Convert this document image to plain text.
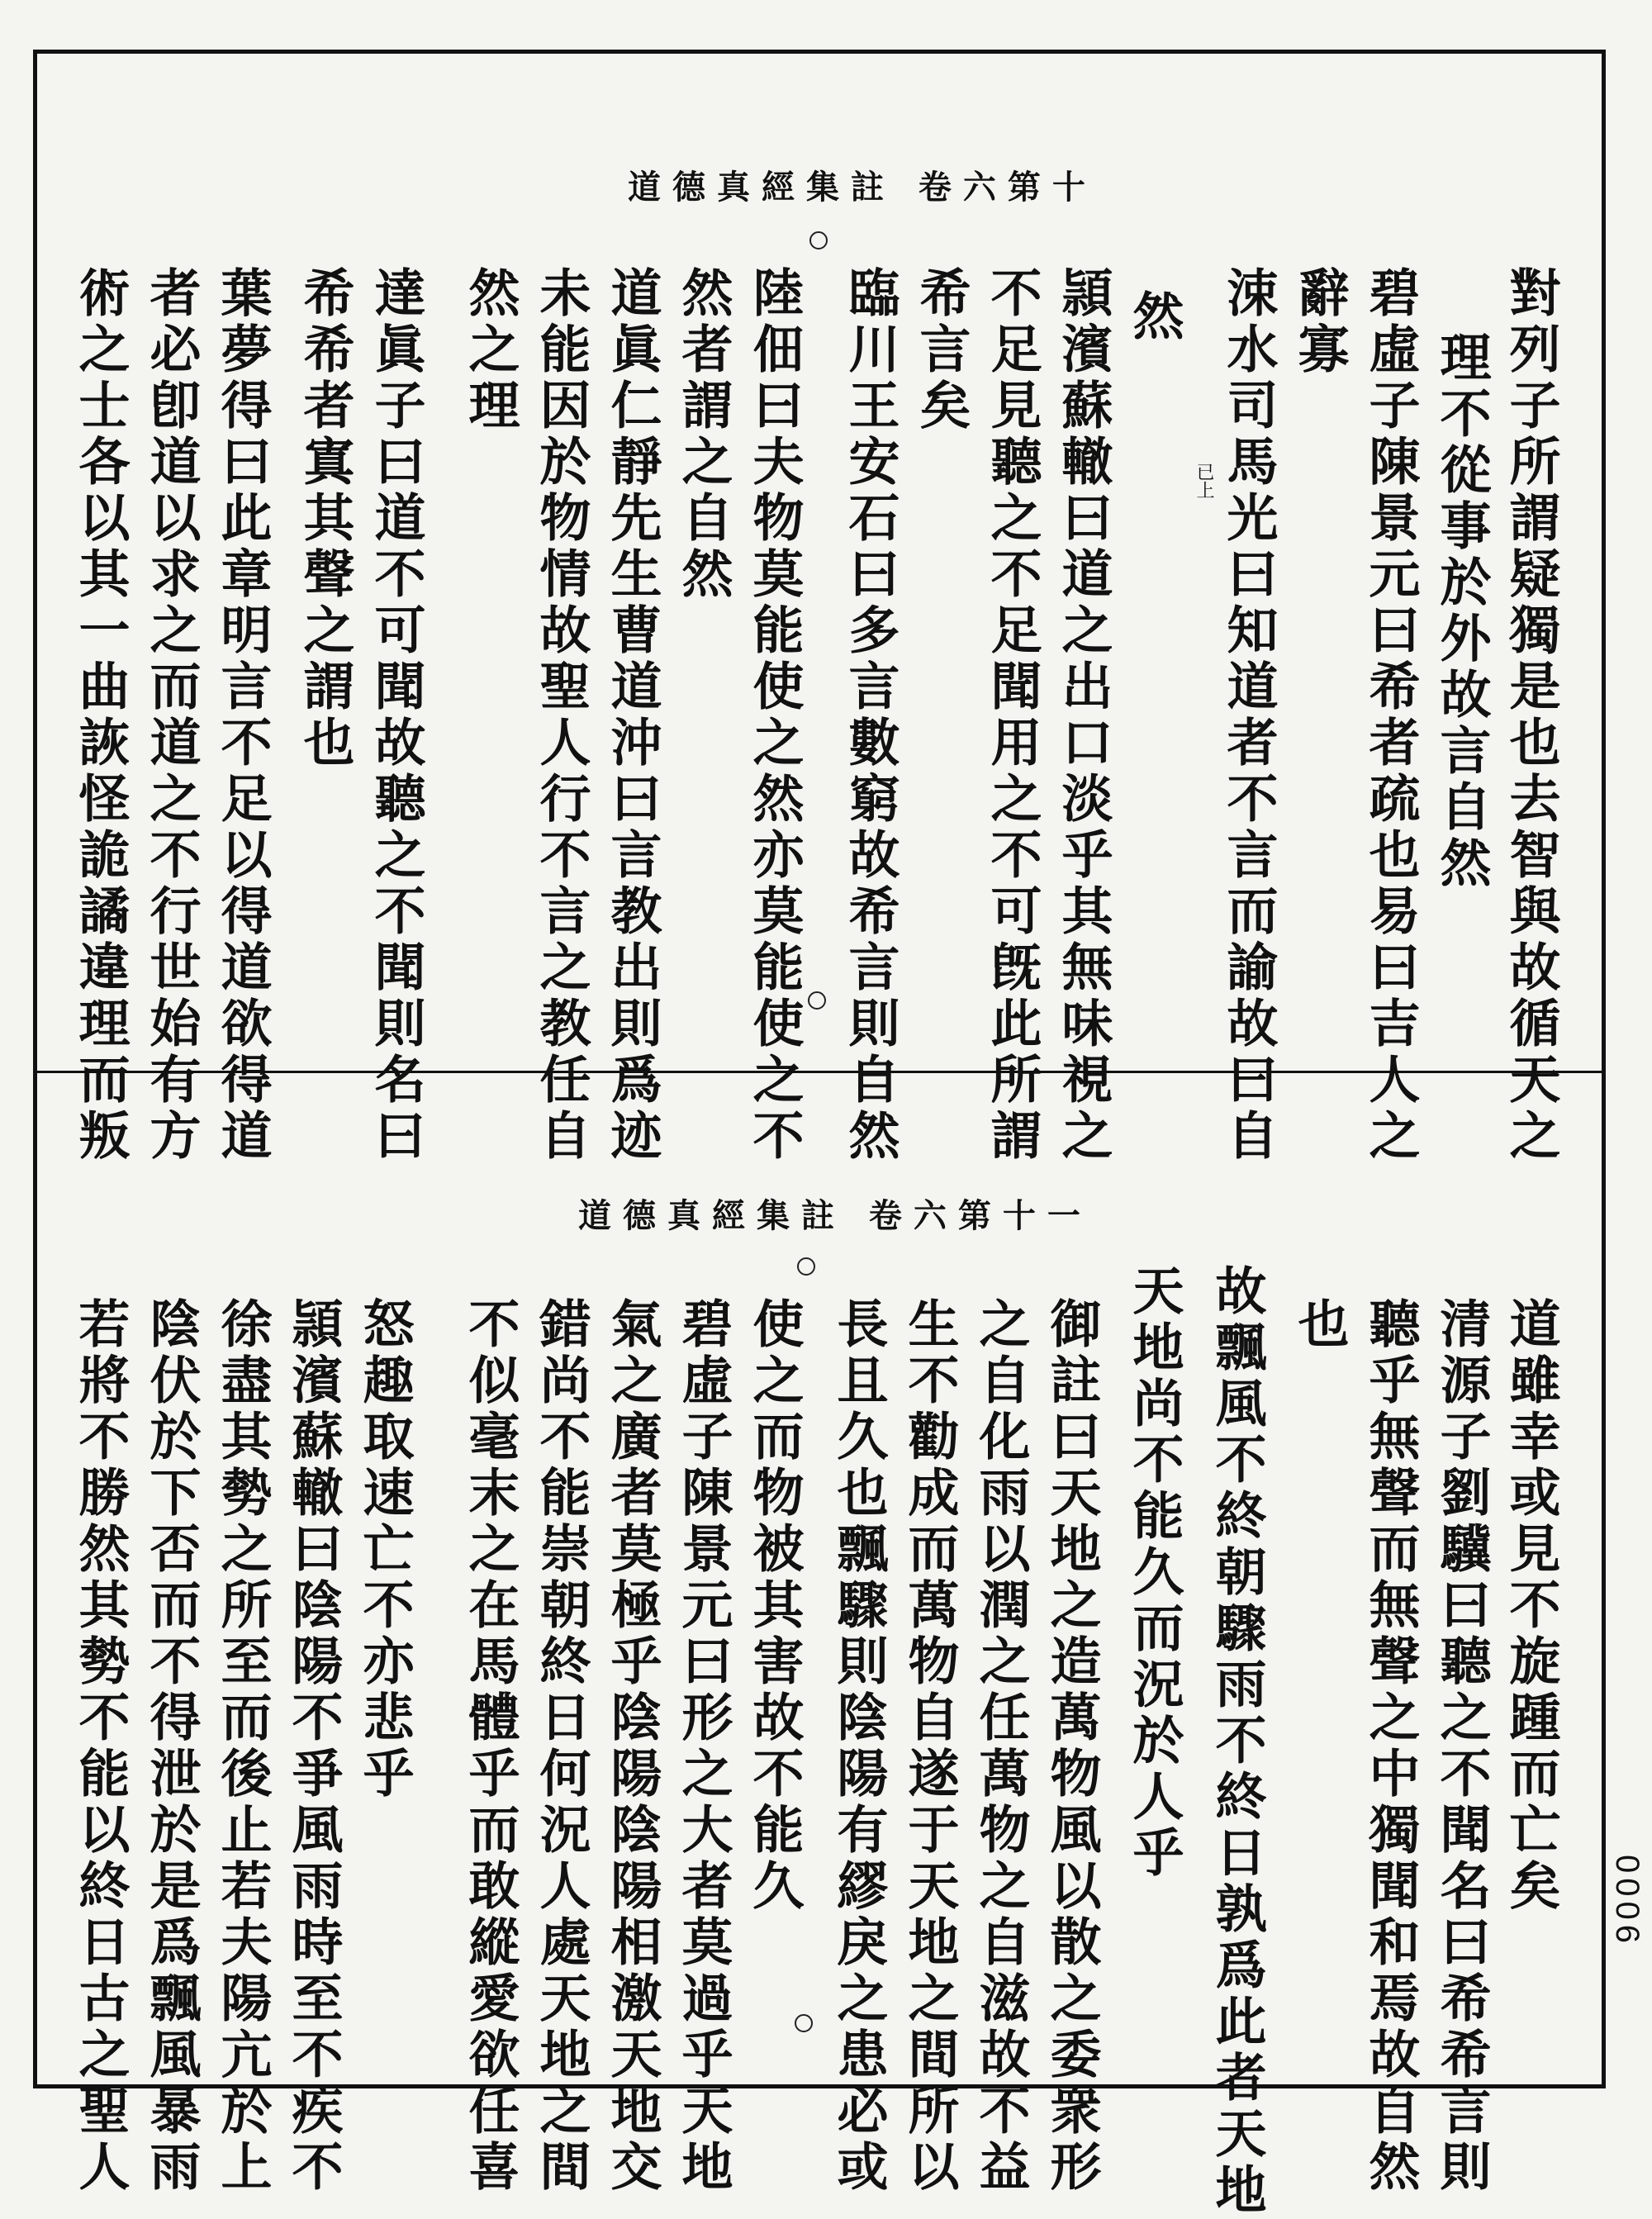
道德真經集註 卷六第十
對列子所謂疑獨是也去智與故循天之
理不從事於外故言自然
碧虛子陳景元曰希者疏也易曰吉人之
辭寡
涑水司馬光曰知道者不言而諭故曰自
已上
然
頴濱蘇轍曰道之出口淡乎其無味視之
不足見聽之不足聞用之不可旣此所謂
希言矣
臨川王安石曰多言數窮故希言則自然
陸佃曰夫物莫能使之然亦莫能使之不
然者謂之自然
道眞仁靜先生曹道沖曰言教出則爲迹
未能因於物情故聖人行不言之教任自
然之理
達眞子曰道不可聞故聽之不聞則名曰
希希者寘其聲之謂也
葉夢得曰此章明言不足以得道欲得道
者必卽道以求之而道之不行世始有方
術之士各以其一曲詼怪詭譎違理而叛
道德真經集註 卷六第十一
道雖幸或見不旋踵而亡矣
清源子劉驥曰聽之不聞名曰希希言則
聽乎無聲而無聲之中獨聞和焉故自然
也
故飄風不終朝驟雨不終日孰爲此者天地
天地尚不能久而況於人乎
御註曰天地之造萬物風以散之委衆形
之自化雨以潤之任萬物之自滋故不益
生不勸成而萬物自遂于天地之間所以
長且久也飄驟則陰陽有繆戾之患必或
使之而物被其害故不能久
碧虛子陳景元曰形之大者莫過乎天地
氣之廣者莫極乎陰陽陰陽相激天地交
錯尚不能崇朝終日何況人處天地之間
不似毫末之在馬體乎而敢縱愛欲任喜
怒趣取速亡不亦悲乎
頴濱蘇轍曰陰陽不爭風雨時至不疾不
徐盡其勢之所至而後止若夫陽亢於上
陰伏於下否而不得泄於是爲飄風暴雨
若將不勝然其勢不能以終日古之聖人	0006
